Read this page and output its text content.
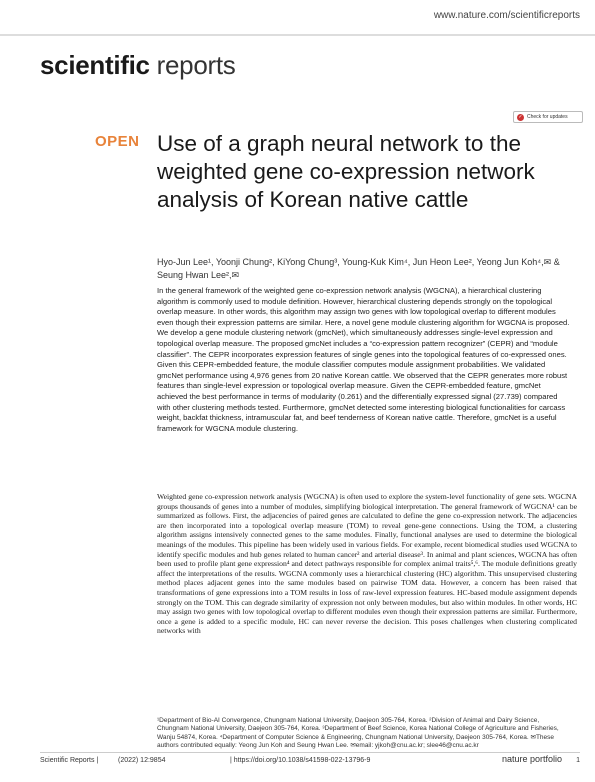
www.nature.com/scientificreports
scientific reports
✓ Check for updates
OPEN Use of a graph neural network to the weighted gene co-expression network analysis of Korean native cattle
Hyo-Jun Lee¹, Yoonji Chung², KiYong Chung³, Young-Kuk Kim⁴, Jun Heon Lee², Yeong Jun Koh⁴,✉ & Seung Hwan Lee²,✉
In the general framework of the weighted gene co-expression network analysis (WGCNA), a hierarchical clustering algorithm is commonly used to module definition. However, hierarchical clustering depends strongly on the topological overlap measure. In other words, this algorithm may assign two genes with low topological overlap to different modules even though their expression patterns are similar. Here, a novel gene module clustering algorithm for WGCNA is proposed. We develop a gene module clustering network (gmcNet), which simultaneously addresses single-level expression and topological overlap measure. The proposed gmcNet includes a “co-expression pattern recognizer” (CEPR) and “module classifier”. The CEPR incorporates expression features of single genes into the topological features of co-expressed ones. Given this CEPR-embedded feature, the module classifier computes module assignment probabilities. We validated gmcNet performance using 4,976 genes from 20 native Korean cattle. We observed that the CEPR generates more robust features than single-level expression or topological overlap measure. Given the CEPR-embedded feature, gmcNet achieved the best performance in terms of modularity (0.261) and the differentially expressed signal (27.739) compared with other clustering methods tested. Furthermore, gmcNet detected some interesting biological functionalities for carcass weight, backfat thickness, intramuscular fat, and beef tenderness of Korean native cattle. Therefore, gmcNet is a useful framework for WGCNA module clustering.
Weighted gene co-expression network analysis (WGCNA) is often used to explore the system-level functionality of gene sets. WGCNA groups thousands of genes into a number of modules, simplifying biological interpretation. The general framework of WGCNA¹ can be summarized as follows. First, the adjacencies of paired genes are calculated to define the gene co-expression network. The adjacencies are then incorporated into a topological overlap measure (TOM) to reveal gene-gene connections. Using the TOM, a clustering algorithm assigns intensively connected genes to the same modules. Finally, functional analyses are used to determine the biological meanings of the modules. This pipeline has been widely used in various fields. For example, recent biomedical studies used WGCNA to identify specific modules and hub genes related to human cancer² and arterial disease³. In animal and plant sciences, WGCNA has often been used to profile plant gene expression⁴ and detect pathways responsible for complex animal traits⁵,⁶. The module definitions greatly affect the interpretations of the results. WGCNA commonly uses a hierarchical clustering (HC) algorithm. This unsupervised clustering method places adjacent genes into the same modules based on pairwise TOM data. However, a concern has been raised that transformations of gene expressions into a TOM results in loss of raw-level expression features. HC-based module assignment depends strongly on the TOM. This can degrade similarity of expression not only between modules, but also within modules. In other words, HC may assign two genes with low topological overlap to different modules even though their expression patterns are similar. Furthermore, once a gene is added to a specific module, HC can never reverse the decision. This poses challenges when clustering complicated networks with
¹Department of Bio-AI Convergence, Chungnam National University, Daejeon 305-764, Korea. ²Division of Animal and Dairy Science, Chungnam National University, Daejeon 305-764, Korea. ³Department of Beef Science, Korea National College of Agriculture and Fisheries, Wanju 54874, Korea. ⁴Department of Computer Science & Engineering, Chungnam National University, Daejeon 305-764, Korea. ✉These authors contributed equally: Yeong Jun Koh and Seung Hwan Lee. ✉email: yjkoh@cnu.ac.kr; slee46@cnu.ac.kr
Scientific Reports |	(2022) 12:9854	| https://doi.org/10.1038/s41598-022-13796-9	nature portfolio 1
